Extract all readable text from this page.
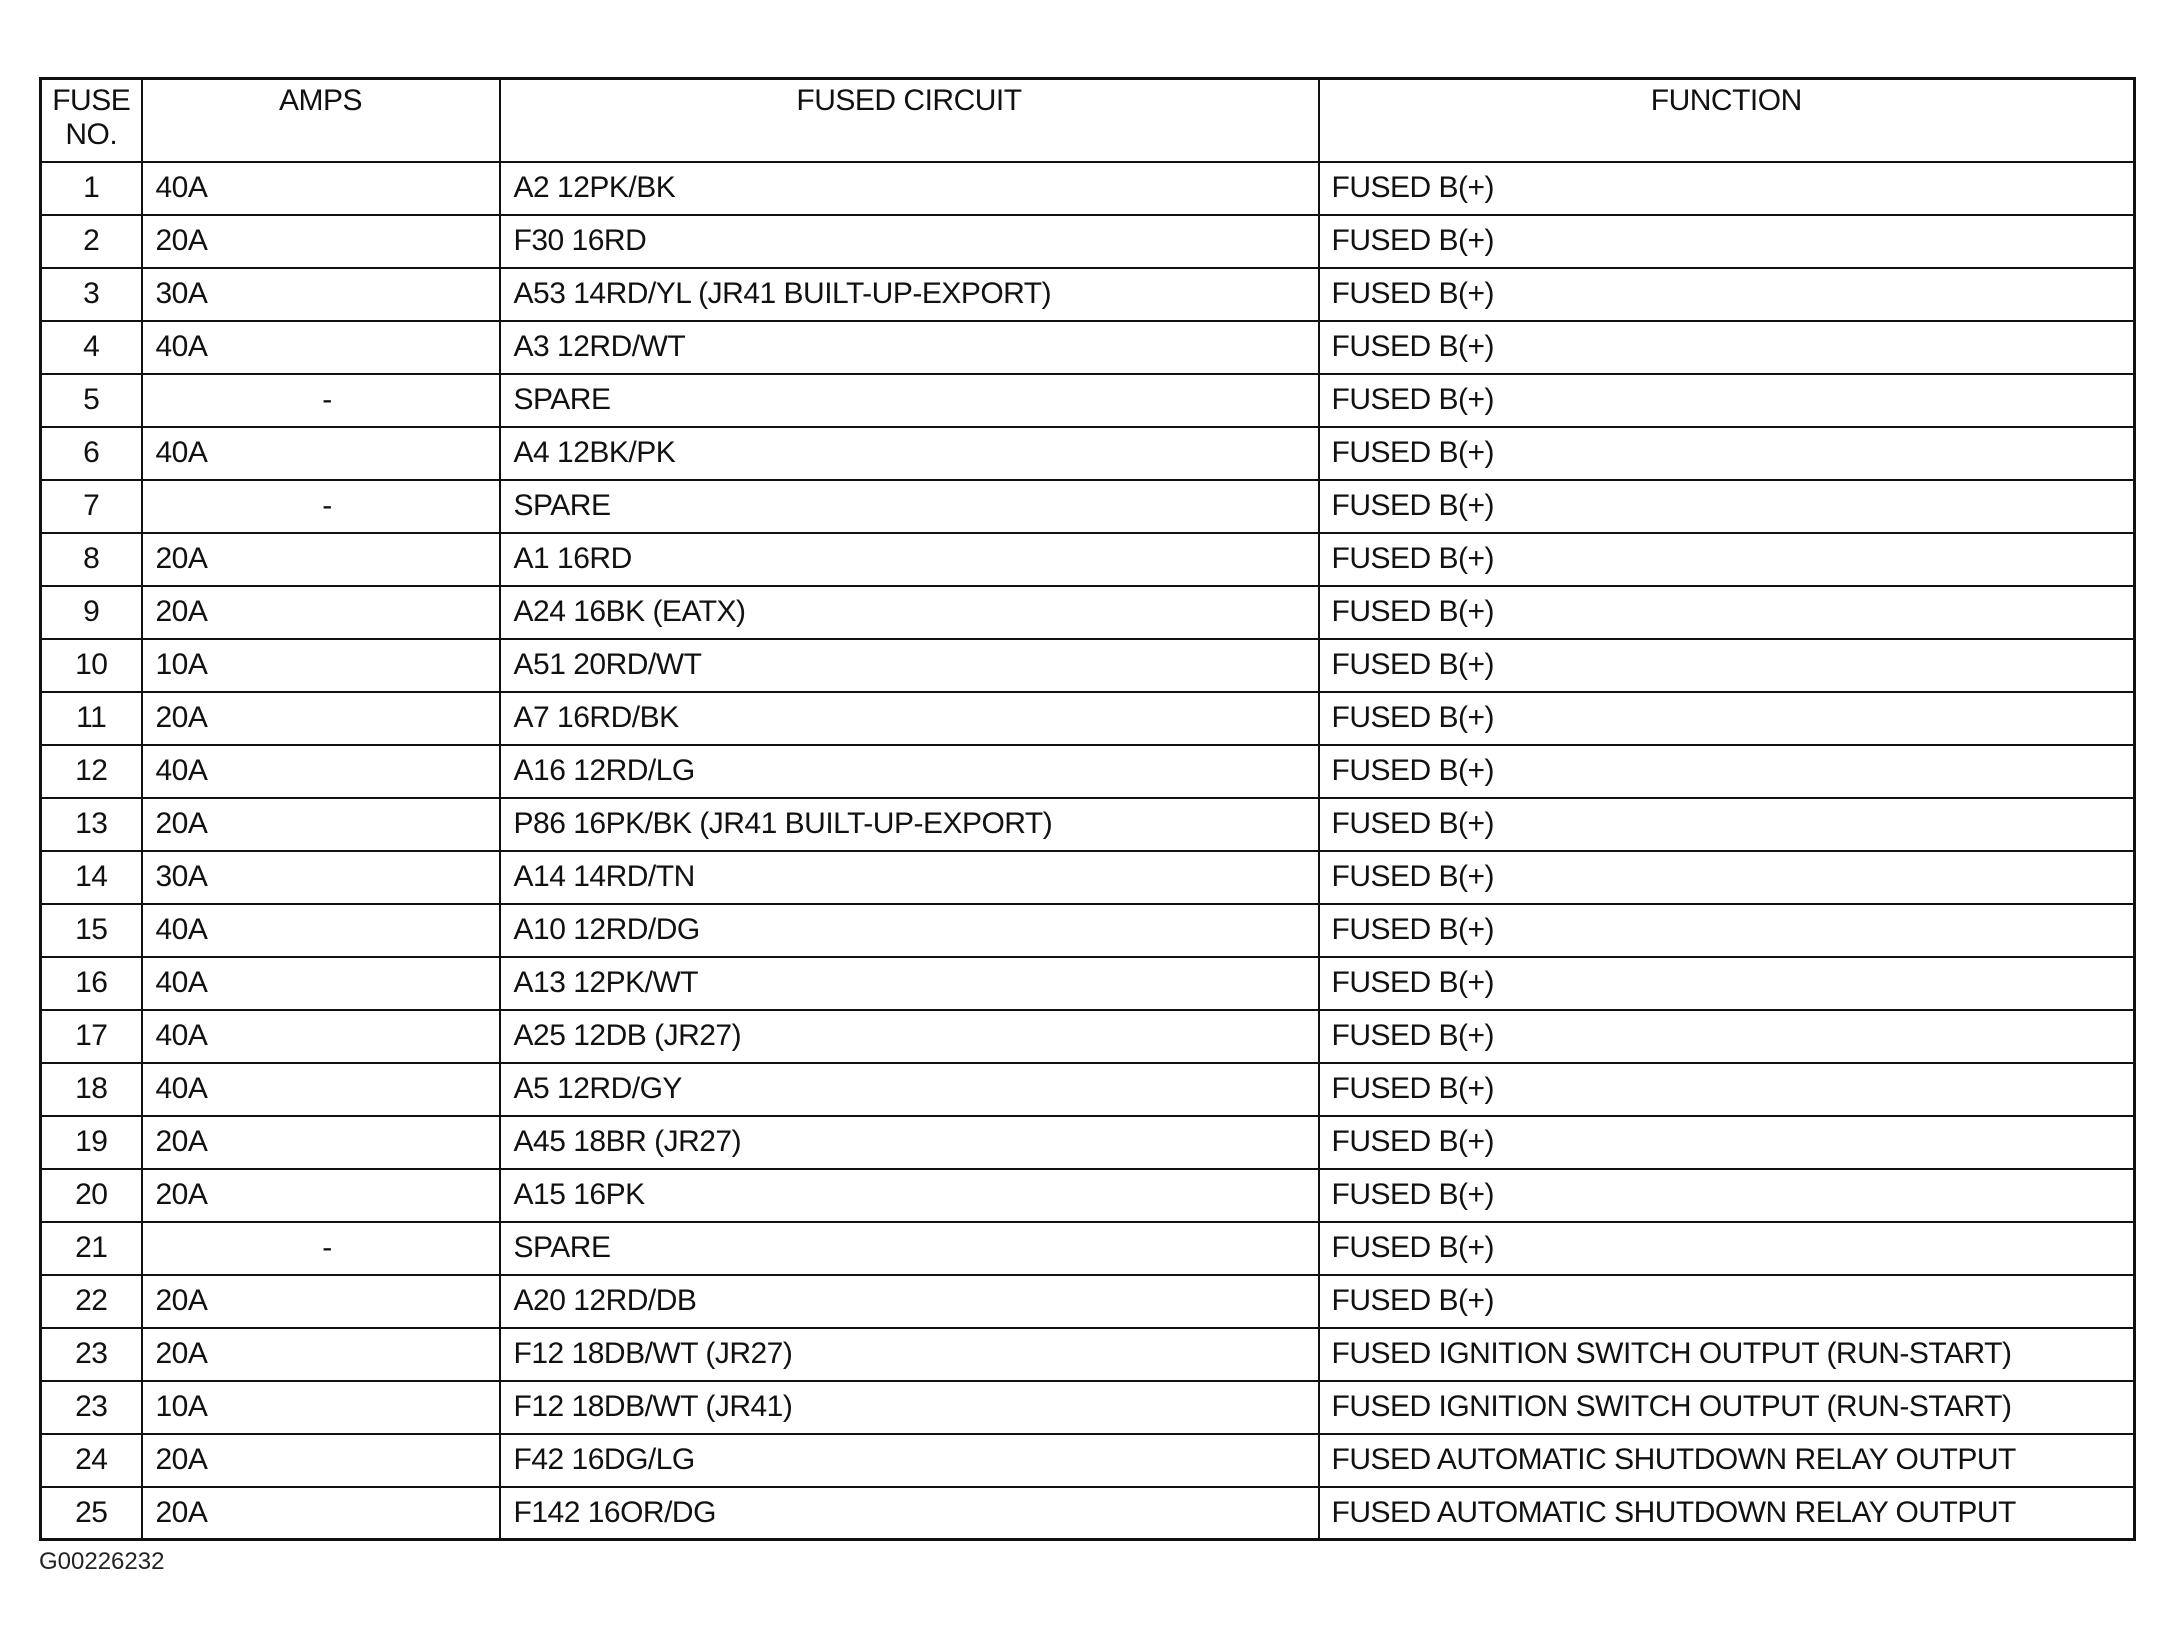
FUSE
NO.	AMPS	FUSED CIRCUIT	FUNCTION
1	40A	A2 12PK/BK	FUSED B(+)
2	20A	F30 16RD	FUSED B(+)
3	30A	A53 14RD/YL (JR41 BUILT-UP-EXPORT)	FUSED B(+)
4	40A	A3 12RD/WT	FUSED B(+)
5	-	SPARE	FUSED B(+)
6	40A	A4 12BK/PK	FUSED B(+)
7	-	SPARE	FUSED B(+)
8	20A	A1 16RD	FUSED B(+)
9	20A	A24 16BK (EATX)	FUSED B(+)
10	10A	A51 20RD/WT	FUSED B(+)
11	20A	A7 16RD/BK	FUSED B(+)
12	40A	A16 12RD/LG	FUSED B(+)
13	20A	P86 16PK/BK (JR41 BUILT-UP-EXPORT)	FUSED B(+)
14	30A	A14 14RD/TN	FUSED B(+)
15	40A	A10 12RD/DG	FUSED B(+)
16	40A	A13 12PK/WT	FUSED B(+)
17	40A	A25 12DB (JR27)	FUSED B(+)
18	40A	A5 12RD/GY	FUSED B(+)
19	20A	A45 18BR (JR27)	FUSED B(+)
20	20A	A15 16PK	FUSED B(+)
21	-	SPARE	FUSED B(+)
22	20A	A20 12RD/DB	FUSED B(+)
23	20A	F12 18DB/WT (JR27)	FUSED IGNITION SWITCH OUTPUT (RUN-START)
23	10A	F12 18DB/WT (JR41)	FUSED IGNITION SWITCH OUTPUT (RUN-START)
24	20A	F42 16DG/LG	FUSED AUTOMATIC SHUTDOWN RELAY OUTPUT
25	20A	F142 16OR/DG	FUSED AUTOMATIC SHUTDOWN RELAY OUTPUT
G00226232
